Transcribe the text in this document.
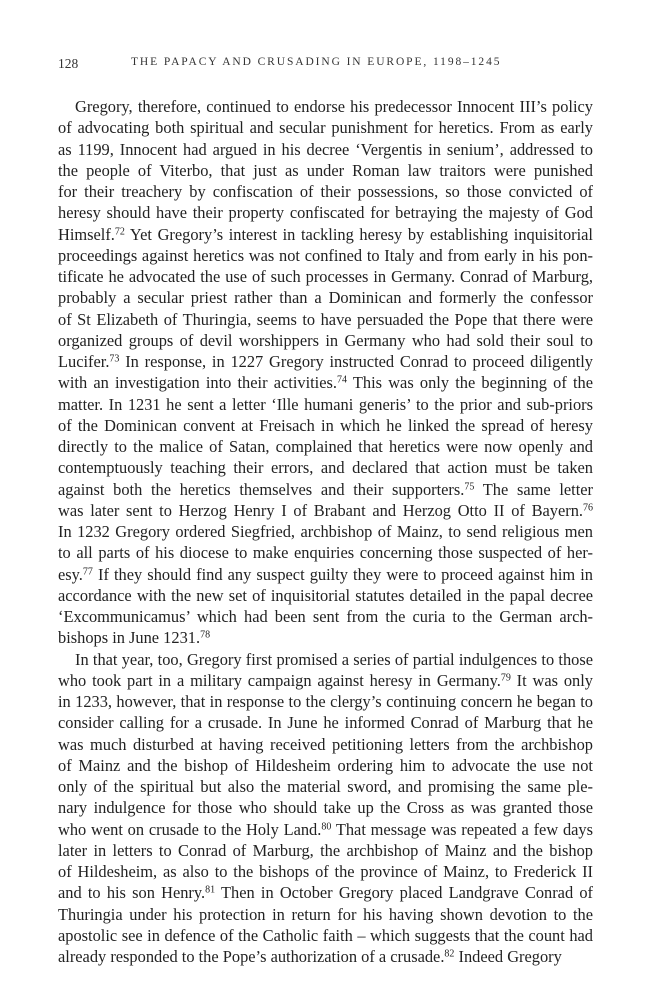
128	THE PAPACY AND CRUSADING IN EUROPE, 1198–1245
Gregory, therefore, continued to endorse his predecessor Innocent III’s policy
of advocating both spiritual and secular punishment for heretics. From as early
as 1199, Innocent had argued in his decree ‘Vergentis in senium’, addressed to
the people of Viterbo, that just as under Roman law traitors were punished
for their treachery by confiscation of their possessions, so those convicted of
heresy should have their property confiscated for betraying the majesty of God
Himself.$^{72}$ Yet Gregory’s interest in tackling heresy by establishing inquisitorial
proceedings against heretics was not confined to Italy and from early in his pon-
tificate he advocated the use of such processes in Germany. Conrad of Marburg,
probably a secular priest rather than a Dominican and formerly the confessor
of St Elizabeth of Thuringia, seems to have persuaded the Pope that there were
organized groups of devil worshippers in Germany who had sold their soul to
Lucifer.$^{73}$ In response, in 1227 Gregory instructed Conrad to proceed diligently
with an investigation into their activities.$^{74}$ This was only the beginning of the
matter. In 1231 he sent a letter ‘Ille humani generis’ to the prior and sub-priors
of the Dominican convent at Freisach in which he linked the spread of heresy
directly to the malice of Satan, complained that heretics were now openly and
contemptuously teaching their errors, and declared that action must be taken
against both the heretics themselves and their supporters.$^{75}$ The same letter
was later sent to Herzog Henry I of Brabant and Herzog Otto II of Bayern.$^{76}$
In 1232 Gregory ordered Siegfried, archbishop of Mainz, to send religious men
to all parts of his diocese to make enquiries concerning those suspected of her-
esy.$^{77}$ If they should find any suspect guilty they were to proceed against him in
accordance with the new set of inquisitorial statutes detailed in the papal decree
‘Excommunicamus’ which had been sent from the curia to the German arch-
bishops in June 1231.78
In that year, too, Gregory first promised a series of partial indulgences to those
who took part in a military campaign against heresy in Germany.$^{79}$ It was only
in 1233, however, that in response to the clergy’s continuing concern he began to
consider calling for a crusade. In June he informed Conrad of Marburg that he
was much disturbed at having received petitioning letters from the archbishop
of Mainz and the bishop of Hildesheim ordering him to advocate the use not
only of the spiritual but also the material sword, and promising the same ple-
nary indulgence for those who should take up the Cross as was granted those
who went on crusade to the Holy Land.$^{80}$ That message was repeated a few days
later in letters to Conrad of Marburg, the archbishop of Mainz and the bishop
of Hildesheim, as also to the bishops of the province of Mainz, to Frederick II
and to his son Henry.$^{81}$ Then in October Gregory placed Landgrave Conrad of
Thuringia under his protection in return for his having shown devotion to the
apostolic see in defence of the Catholic faith – which suggests that the count had
already responded to the Pope’s authorization of a crusade.$^{82}$ Indeed Gregory
